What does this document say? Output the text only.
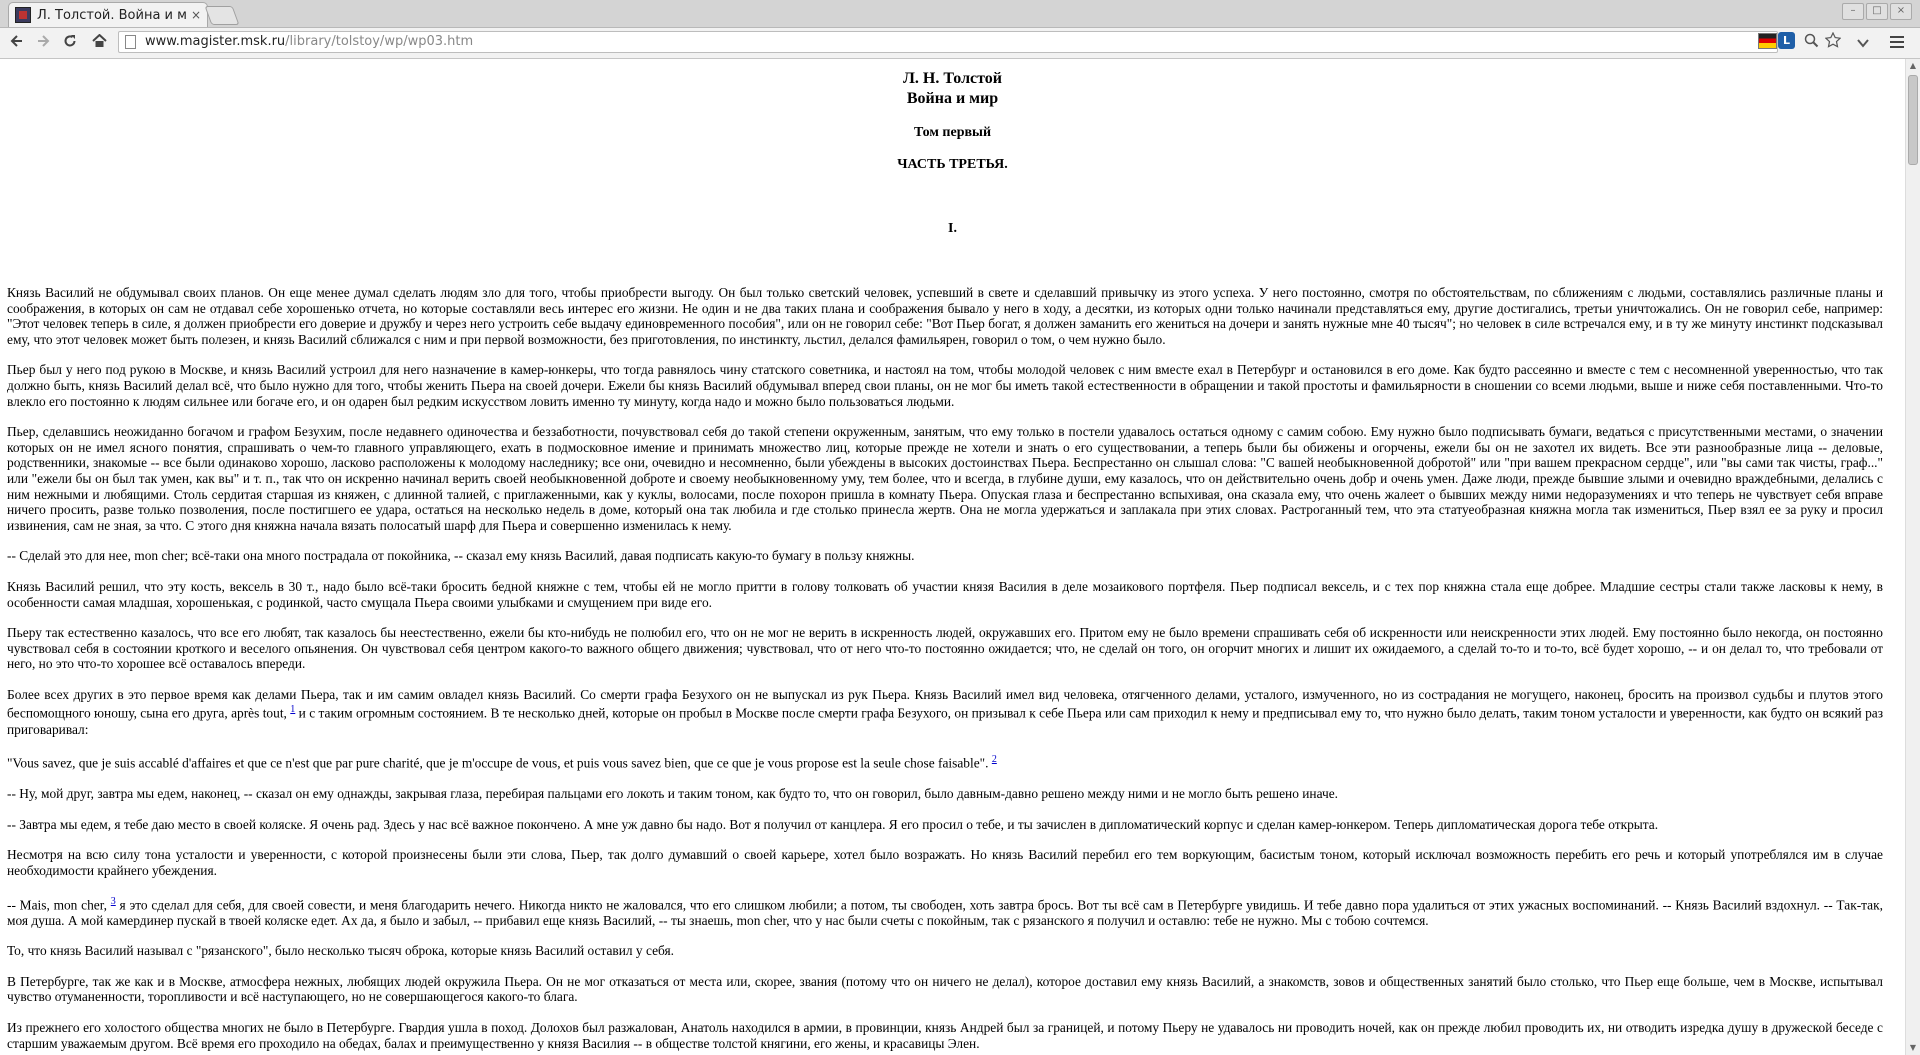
Л. Толстой. Война и м ×	–	□	×
www.magister.msk.ru/library/tolstoy/wp/wp03.htm	L

Л. Н. Толстой

Война и мир

Том первый
ЧАСТЬ ТРЕТЬЯ.
I.

Князь Василий не обдумывал своих планов. Он еще менее думал сделать людям зло для того, чтобы приобрести выгоду. Он был только светский человек, успевший в свете и сделавший привычку из этого успеха. У него постоянно, смотря по обстоятельствам, по сближениям с людьми, составлялись различные планы и соображения, в которых он сам не отдавал себе хорошенько отчета, но которые составляли весь интерес его жизни. Не один и не два таких плана и соображения бывало у него в ходу, а десятки, из которых одни только начинали представляться ему, другие достигались, третьи уничтожались. Он не говорил себе, например: "Этот человек теперь в силе, я должен приобрести его доверие и дружбу и через него устроить себе выдачу единовременного пособия", или он не говорил себе: "Вот Пьер богат, я должен заманить его жениться на дочери и занять нужные мне 40 тысяч"; но человек в силе встречался ему, и в ту же минуту инстинкт подсказывал ему, что этот человек может быть полезен, и князь Василий сближался с ним и при первой возможности, без приготовления, по инстинкту, льстил, делался фамильярен, говорил о том, о чем нужно было.

Пьер был у него под рукою в Москве, и князь Василий устроил для него назначение в камер-юнкеры, что тогда равнялось чину статского советника, и настоял на том, чтобы молодой человек с ним вместе ехал в Петербург и остановился в его доме. Как будто рассеянно и вместе с тем с несомненной уверенностью, что так должно быть, князь Василий делал всё, что было нужно для того, чтобы женить Пьера на своей дочери. Ежели бы князь Василий обдумывал вперед свои планы, он не мог бы иметь такой естественности в обращении и такой простоты и фамильярности в сношении со всеми людьми, выше и ниже себя поставленными. Что-то влекло его постоянно к людям сильнее или богаче его, и он одарен был редким искусством ловить именно ту минуту, когда надо и можно было пользоваться людьми.

Пьер, сделавшись неожиданно богачом и графом Безухим, после недавнего одиночества и беззаботности, почувствовал себя до такой степени окруженным, занятым, что ему только в постели удавалось остаться одному с самим собою. Ему нужно было подписывать бумаги, ведаться с присутственными местами, о значении которых он не имел ясного понятия, спрашивать о чем-то главного управляющего, ехать в подмосковное имение и принимать множество лиц, которые прежде не хотели и знать о его существовании, а теперь были бы обижены и огорчены, ежели бы он не захотел их видеть. Все эти разнообразные лица -- деловые, родственники, знакомые -- все были одинаково хорошо, ласково расположены к молодому наследнику; все они, очевидно и несомненно, были убеждены в высоких достоинствах Пьера. Беспрестанно он слышал слова: "С вашей необыкновенной добротой" или "при вашем прекрасном сердце", или "вы сами так чисты, граф..." или "ежели бы он был так умен, как вы" и т. п., так что он искренно начинал верить своей необыкновенной доброте и своему необыкновенному уму, тем более, что и всегда, в глубине души, ему казалось, что он действительно очень добр и очень умен. Даже люди, прежде бывшие злыми и очевидно враждебными, делались с ним нежными и любящими. Столь сердитая старшая из княжен, с длинной талией, с приглаженными, как у куклы, волосами, после похорон пришла в комнату Пьера. Опуская глаза и беспрестанно вспыхивая, она сказала ему, что очень жалеет о бывших между ними недоразумениях и что теперь не чувствует себя вправе ничего просить, разве только позволения, после постигшего ее удара, остаться на несколько недель в доме, который она так любила и где столько принесла жертв. Она не могла удержаться и заплакала при этих словах. Растроганный тем, что эта статуеобразная княжна могла так измениться, Пьер взял ее за руку и просил извинения, сам не зная, за что. С этого дня княжна начала вязать полосатый шарф для Пьера и совершенно изменилась к нему.

-- Сделай это для нее, mon cher; всё-таки она много пострадала от покойника, -- сказал ему князь Василий, давая подписать какую-то бумагу в пользу княжны.

Князь Василий решил, что эту кость, вексель в 30 т., надо было всё-таки бросить бедной княжне с тем, чтобы ей не могло притти в голову толковать об участии князя Василия в деле мозаикового портфеля. Пьер подписал вексель, и с тех пор княжна стала еще добрее. Младшие сестры стали также ласковы к нему, в особенности самая младшая, хорошенькая, с родинкой, часто смущала Пьера своими улыбками и смущением при виде его.

Пьеру так естественно казалось, что все его любят, так казалось бы неестественно, ежели бы кто-нибудь не полюбил его, что он не мог не верить в искренность людей, окружавших его. Притом ему не было времени спрашивать себя об искренности или неискренности этих людей. Ему постоянно было некогда, он постоянно чувствовал себя в состоянии кроткого и веселого опьянения. Он чувствовал себя центром какого-то важного общего движения; чувствовал, что от него что-то постоянно ожидается; что, не сделай он того, он огорчит многих и лишит их ожидаемого, а сделай то-то и то-то, всё будет хорошо, -- и он делал то, что требовали от него, но это что-то хорошее всё оставалось впереди.

Более всех других в это первое время как делами Пьера, так и им самим овладел князь Василий. Со смерти графа Безухого он не выпускал из рук Пьера. Князь Василий имел вид человека, отягченного делами, усталого, измученного, но из сострадания не могущего, наконец, бросить на произвол судьбы и плутов этого беспомощного юношу, сына его друга, après tout, $^1$ и с таким огромным состоянием. В те несколько дней, которые он пробыл в Москве после смерти графа Безухого, он призывал к себе Пьера или сам приходил к нему и предписывал ему то, что нужно было делать, таким тоном усталости и уверенности, как будто он всякий раз приговаривал:

"Vous savez, que je suis accablé d'affaires et que ce n'est que par pure charité, que je m'occupe de vous, et puis vous savez bien, que ce que je vous propose est la seule chose faisable". $^2$

-- Ну, мой друг, завтра мы едем, наконец, -- сказал он ему однажды, закрывая глаза, перебирая пальцами его локоть и таким тоном, как будто то, что он говорил, было давным-давно решено между ними и не могло быть решено иначе.

-- Завтра мы едем, я тебе даю место в своей коляске. Я очень рад. Здесь у нас всё важное покончено. А мне уж давно бы надо. Вот я получил от канцлера. Я его просил о тебе, и ты зачислен в дипломатический корпус и сделан камер-юнкером. Теперь дипломатическая дорога тебе открыта.

Несмотря на всю силу тона усталости и уверенности, с которой произнесены были эти слова, Пьер, так долго думавший о своей карьере, хотел было возражать. Но князь Василий перебил его тем воркующим, басистым тоном, который исключал возможность перебить его речь и который употреблялся им в случае необходимости крайнего убеждения.

-- Mais, mon cher, $^3$ я это сделал для себя, для своей совести, и меня благодарить нечего. Никогда никто не жаловался, что его слишком любили; а потом, ты свободен, хоть завтра брось. Вот ты всё сам в Петербурге увидишь. И тебе давно пора удалиться от этих ужасных воспоминаний. -- Князь Василий вздохнул. -- Так-так, моя душа. А мой камердинер пускай в твоей коляске едет. Ах да, я было и забыл, -- прибавил еще князь Василий, -- ты знаешь, mon cher, что у нас были счеты с покойным, так с рязанского я получил и оставлю: тебе не нужно. Мы с тобою сочтемся.

То, что князь Василий называл с "рязанского", было несколько тысяч оброка, которые князь Василий оставил у себя.

В Петербурге, так же как и в Москве, атмосфера нежных, любящих людей окружила Пьера. Он не мог отказаться от места или, скорее, звания (потому что он ничего не делал), которое доставил ему князь Василий, а знакомств, зовов и общественных занятий было столько, что Пьер еще больше, чем в Москве, испытывал чувство отуманенности, торопливости и всё наступающего, но не совершающегося какого-то блага.

Из прежнего его холостого общества многих не было в Петербурге. Гвардия ушла в поход. Долохов был разжалован, Анатоль находился в армии, в провинции, князь Андрей был за границей, и потому Пьеру не удавалось ни проводить ночей, как он прежде любил проводить их, ни отводить изредка душу в дружеской беседе с старшим уважаемым другом. Всё время его проходило на обедах, балах и преимущественно у князя Василия -- в обществе толстой княгини, его жены, и красавицы Элен.

▲
▼
